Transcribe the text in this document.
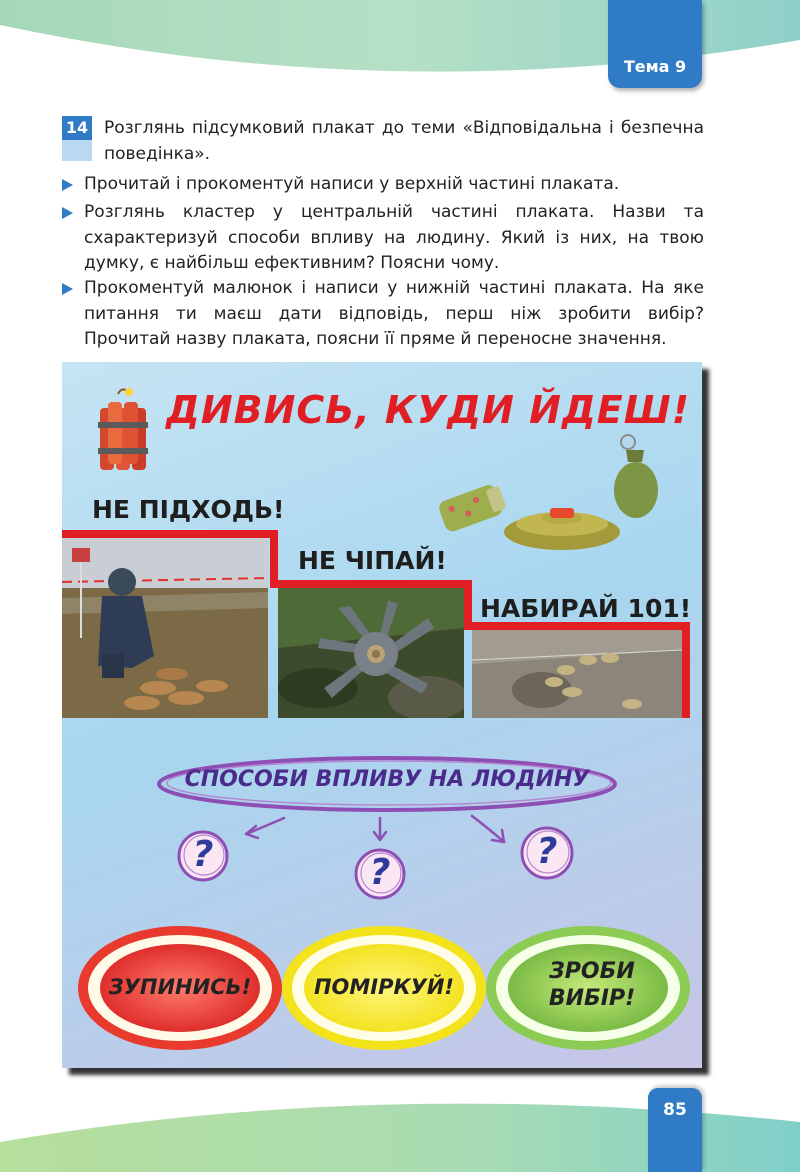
Тема 9
85
14 Розглянь підсумковий плакат до теми «Відповідальна і безпечна поведінка».
Прочитай і прокоментуй написи у верхній частині плаката.
Розглянь кластер у центральній частині плаката. Назви та схарактеризуй способи впливу на людину. Який із них, на твою думку, є найбільш ефективним? Поясни чому.
Прокоментуй малюнок і написи у нижній частині плаката. На яке питання ти маєш дати відповідь, перш ніж зробити вибір? Прочитай назву плаката, поясни її пряме й переносне значення.
ДИВИСЬ, КУДИ ЙДЕШ!
НЕ ПІДХОДЬ!
НЕ ЧІПАЙ!
НАБИРАЙ 101!
СПОСОБИ ВПЛИВУ НА ЛЮДИНУ
?	?
?
ЗУПИНИСЬ!	ПОМІРКУЙ!
ЗРОБИ ВИБІР!
